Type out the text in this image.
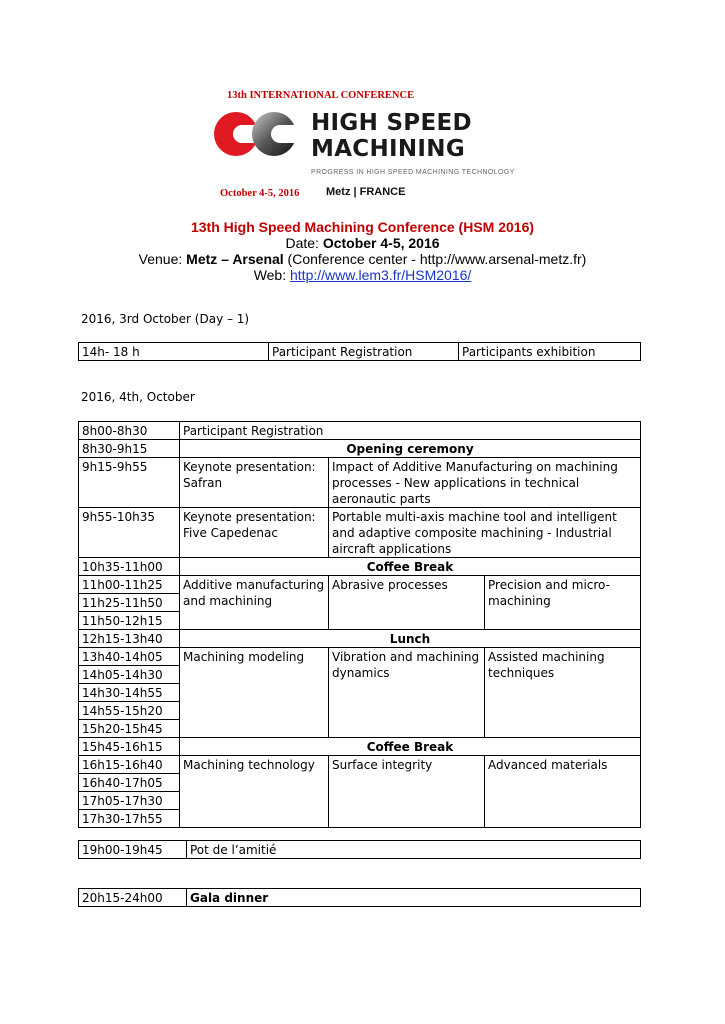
13th INTERNATIONAL CONFERENCE
HIGH SPEED
MACHINING
PROGRESS IN HIGH SPEED MACHINING TECHNOLOGY
October 4-5, 2016 Metz | FRANCE
13th High Speed Machining Conference (HSM 2016)
Date: October 4-5, 2016
Venue: Metz – Arsenal (Conference center - http://www.arsenal-metz.fr)
Web: http://www.lem3.fr/HSM2016/
2016, 3rd October (Day – 1)
14h- 18 h	Participant Registration	Participants exhibition
2016, 4th, October
8h00-8h30	Participant Registration		
8h30-9h15	Opening ceremony		
9h15-9h55	Keynote presentation: Safran	Impact of Additive Manufacturing on machining processes - New applications in technical aeronautic parts	
9h55-10h35	Keynote presentation: Five Capedenac	Portable multi-axis machine tool and intelligent and adaptive composite machining - Industrial aircraft applications	
10h35-11h00	Coffee Break		
11h00-11h25	Additive manufacturing and machining	Abrasive processes	Precision and micro-machining
11h25-11h50			
11h50-12h15			
12h15-13h40	Lunch		
13h40-14h05	Machining modeling	Vibration and machining dynamics	Assisted machining techniques
14h05-14h30			
14h30-14h55			
14h55-15h20			
15h20-15h45			
15h45-16h15	Coffee Break		
16h15-16h40	Machining technology	Surface integrity	Advanced materials
16h40-17h05			
17h05-17h30			
17h30-17h55			
19h00-19h45	Pot de l’amitié
20h15-24h00	Gala dinner
